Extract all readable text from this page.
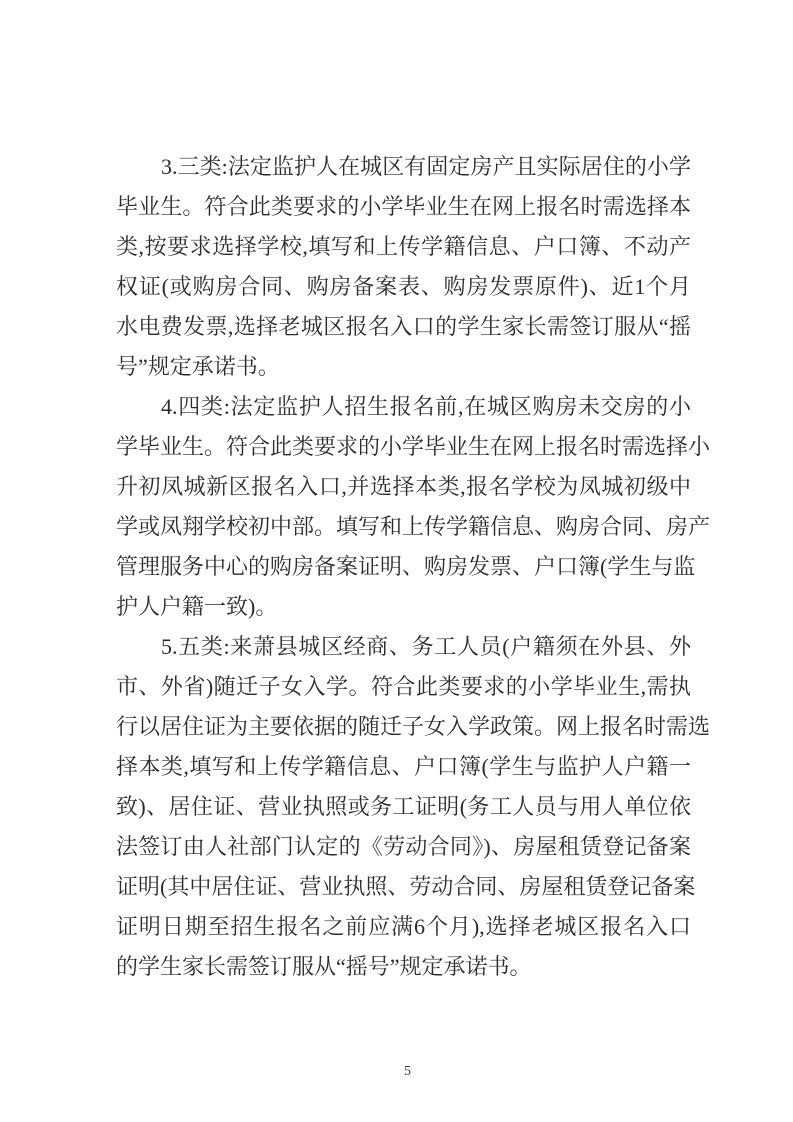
3.三类:法定监护人在城区有固定房产且实际居住的小学
毕业生。符合此类要求的小学毕业生在网上报名时需选择本
类,按要求选择学校,填写和上传学籍信息、户口簿、不动产
权证(或购房合同、购房备案表、购房发票原件)、近1个月
水电费发票,选择老城区报名入口的学生家长需签订服从“摇
号”规定承诺书。
4.四类:法定监护人招生报名前,在城区购房未交房的小
学毕业生。符合此类要求的小学毕业生在网上报名时需选择小
升初凤城新区报名入口,并选择本类,报名学校为凤城初级中
学或凤翔学校初中部。填写和上传学籍信息、购房合同、房产
管理服务中心的购房备案证明、购房发票、户口簿(学生与监
护人户籍一致)。
5.五类:来萧县城区经商、务工人员(户籍须在外县、外
市、外省)随迁子女入学。符合此类要求的小学毕业生,需执
行以居住证为主要依据的随迁子女入学政策。网上报名时需选
择本类,填写和上传学籍信息、户口簿(学生与监护人户籍一
致)、居住证、营业执照或务工证明(务工人员与用人单位依
法签订由人社部门认定的《劳动合同》)、房屋租赁登记备案
证明(其中居住证、营业执照、劳动合同、房屋租赁登记备案
证明日期至招生报名之前应满6个月),选择老城区报名入口
的学生家长需签订服从“摇号”规定承诺书。
5
